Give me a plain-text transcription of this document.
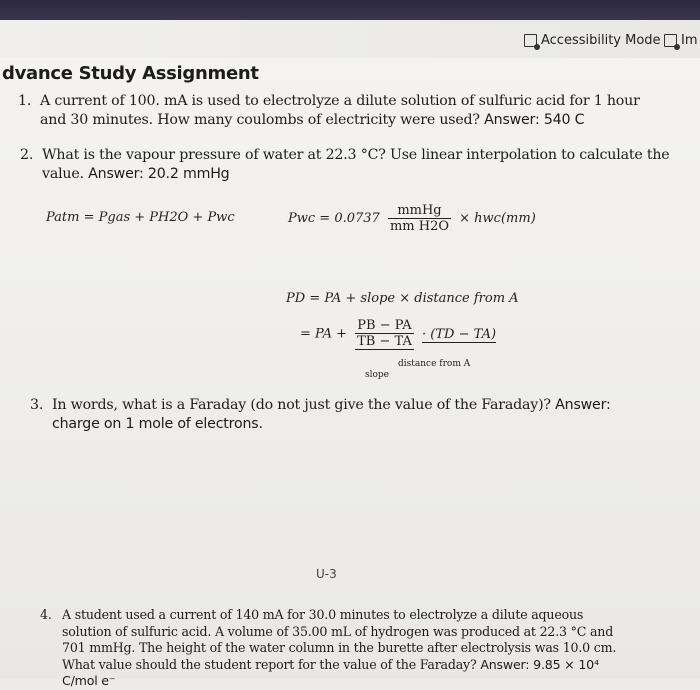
Accessibility Mode Im
dvance Study Assignment
1. A current of 100. mA is used to electrolyze a dilute solution of sulfuric acid for 1 hour and 30 minutes. How many coulombs of electricity were used? Answer: 540 C
2. What is the vapour pressure of water at 22.3 °C? Use linear interpolation to calculate the value. Answer: 20.2 mmHg
Patm = Pgas + PH2O + Pwc	Pwc = $0.0737 \frac{\text{mmHg}}{\text{mm H2O}} \times hwc(mm)$
PD = PA + slope × distance from A
= PA + $\frac{PB - PA}{TB - TA} \cdot (TD - TA)$
slope
distance from A
3. In words, what is a Faraday (do not just give the value of the Faraday)? Answer: charge on 1 mole of electrons.
U-3
4. A student used a current of 140 mA for 30.0 minutes to electrolyze a dilute aqueous solution of sulfuric acid. A volume of 35.00 mL of hydrogen was produced at 22.3 °C and 701 mmHg. The height of the water column in the burette after electrolysis was 10.0 cm. What value should the student report for the value of the Faraday? Answer: 9.85 × 10⁴ C/mol e⁻
